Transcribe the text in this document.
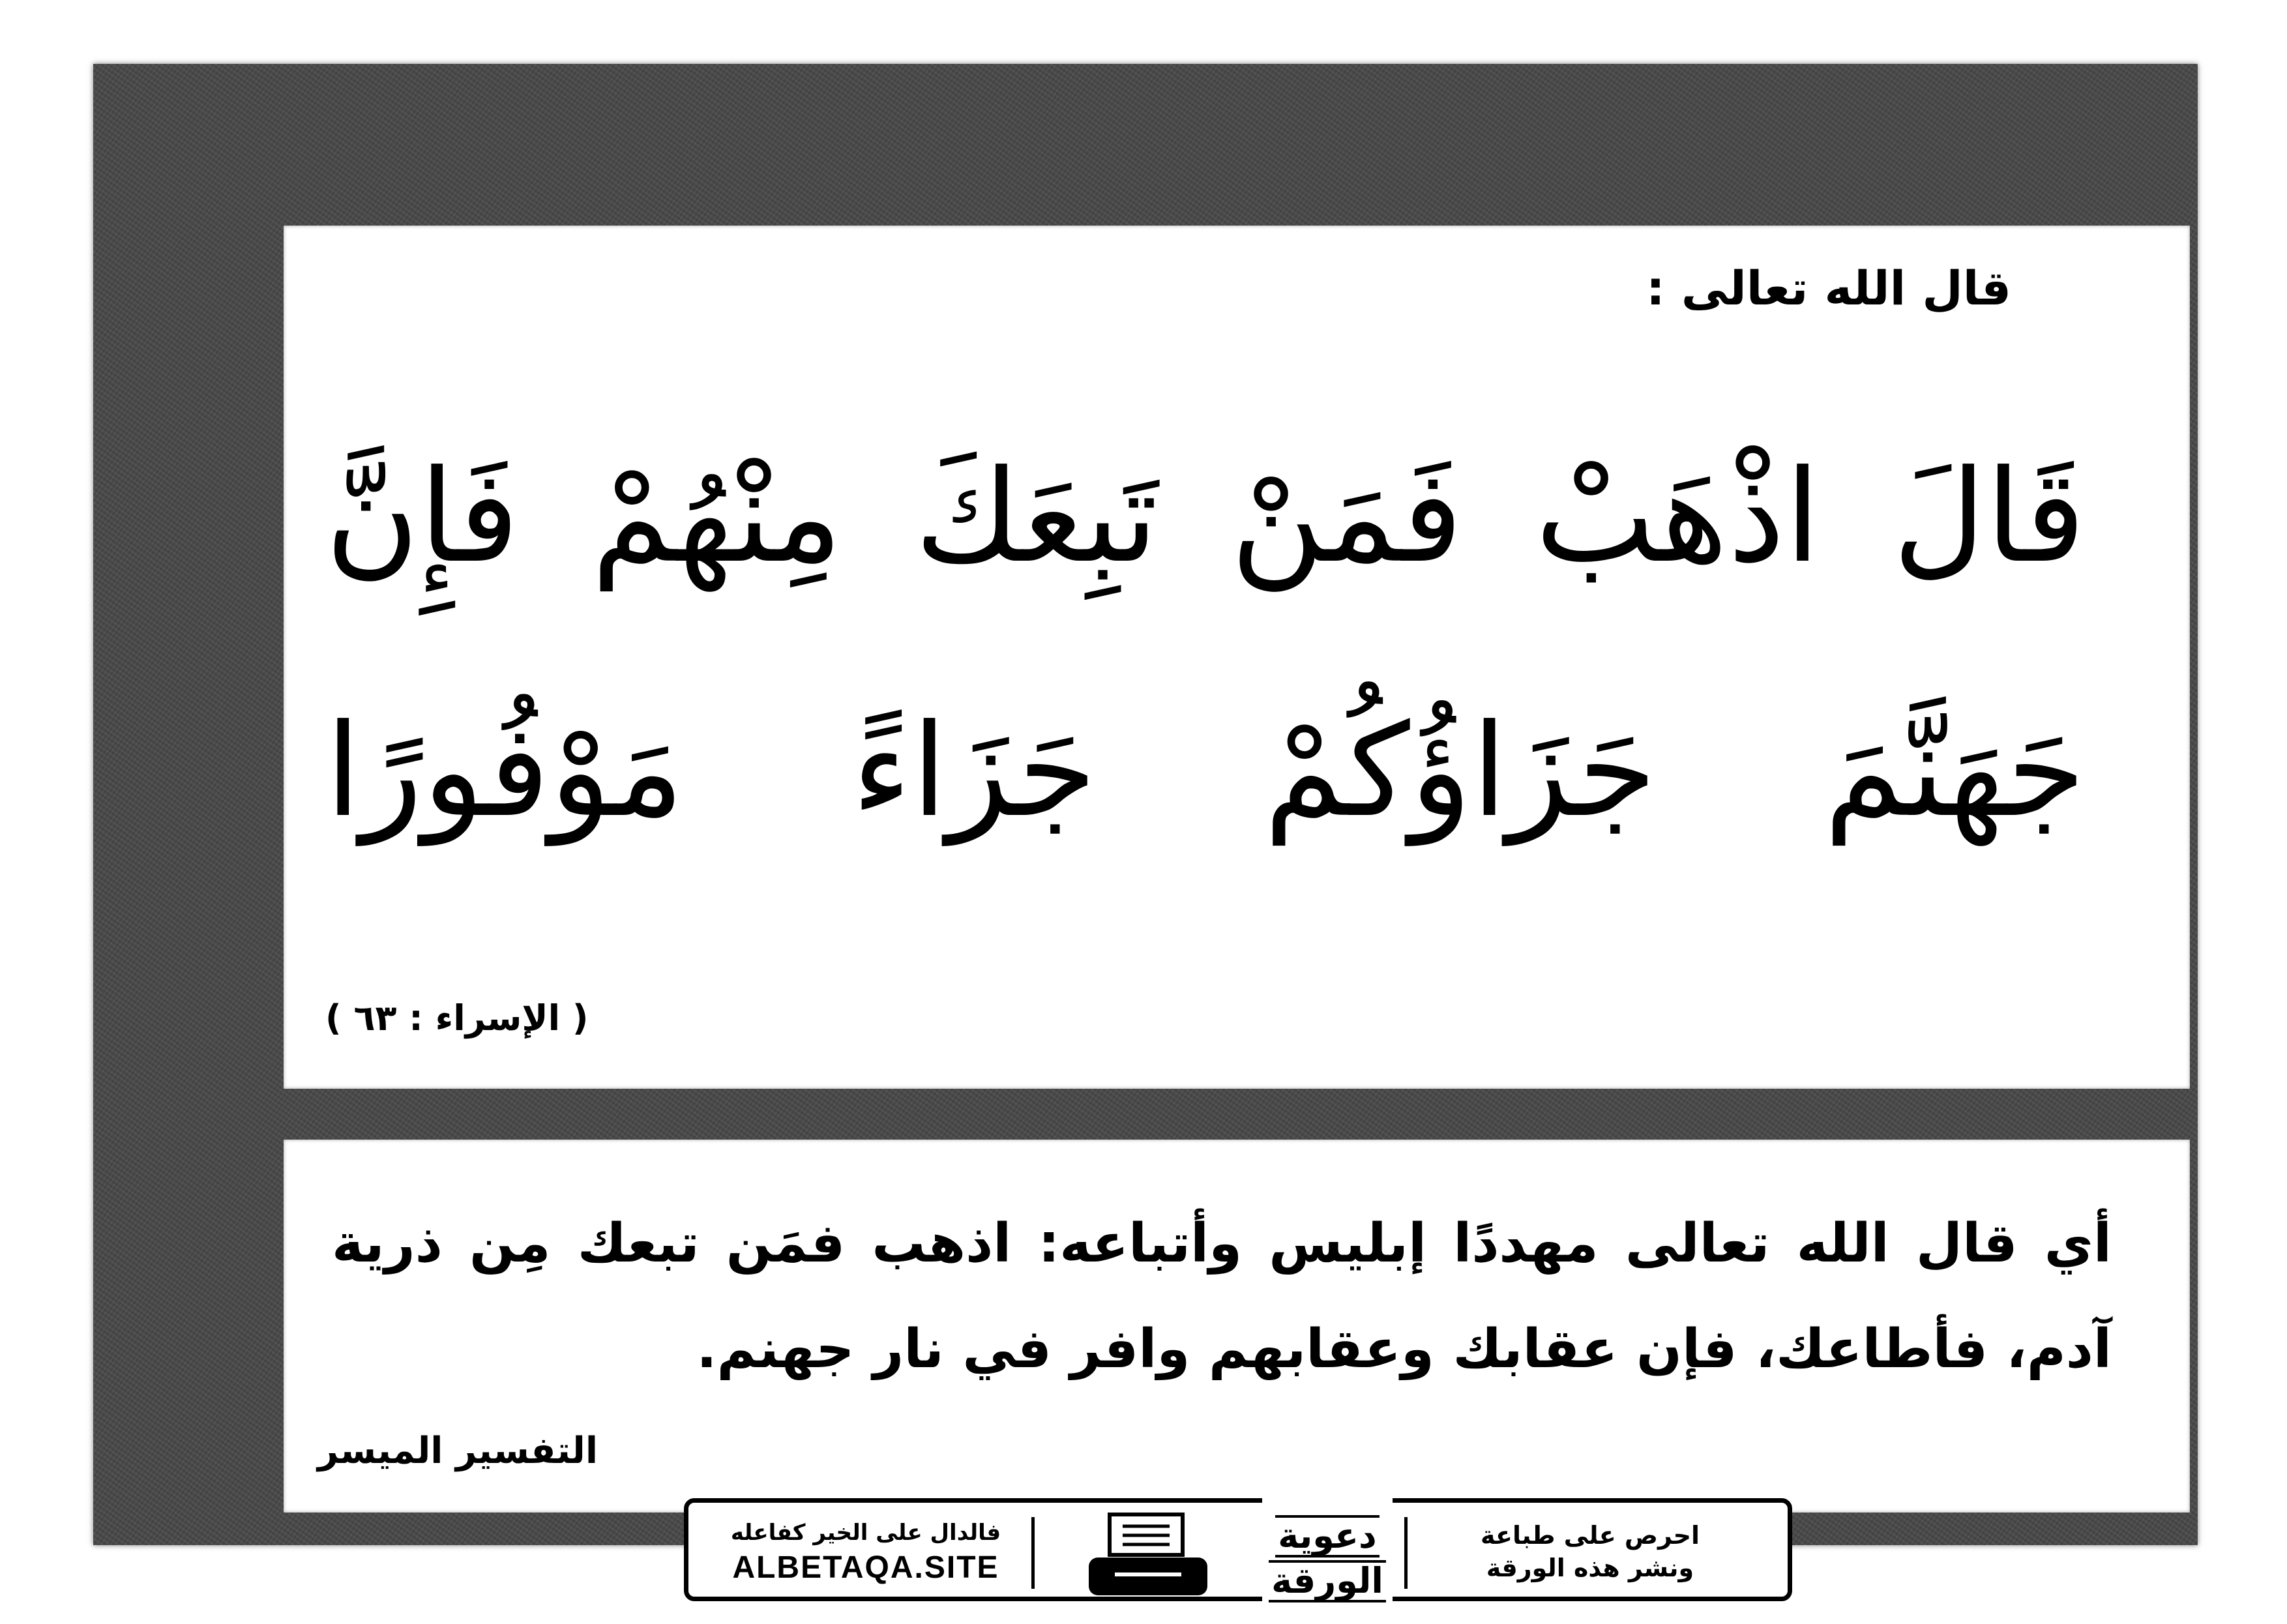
قال الله تعالى :
قَالَ اذْهَبْ فَمَنْ تَبِعَكَ مِنْهُمْ فَإِنَّ
جَهَنَّمَ جَزَاؤُكُمْ جَزَاءً مَوْفُورًا
( الإسراء : ٦٣ )
أي قال الله تعالى مهددًا إبليس وأتباعه: اذهب فمَن تبعك مِن ذرية
آدم، فأطاعك، فإن عقابك وعقابهم وافر في نار جهنم.
التفسير الميسر
فالدال على الخير كفاعله
ALBETAQA.SITE
دعوية
الورقة
احرص على طباعة
ونشر هذه الورقة
